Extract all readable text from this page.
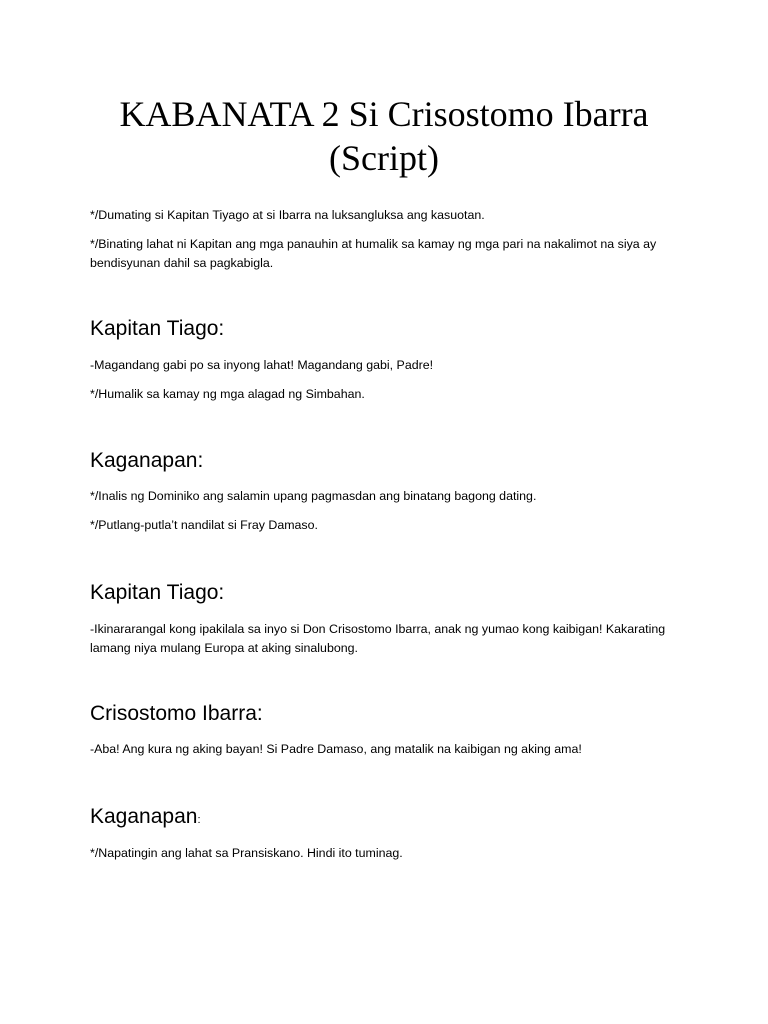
KABANATA 2 Si Crisostomo Ibarra
(Script)

*/Dumating si Kapitan Tiyago at si Ibarra na luksangluksa ang kasuotan.

*/Binating lahat ni Kapitan ang mga panauhin at humalik sa kamay ng mga pari na nakalimot na siya ay
bendisyunan dahil sa pagkabigla.

Kapitan Tiago:

-Magandang gabi po sa inyong lahat! Magandang gabi, Padre!

*/Humalik sa kamay ng mga alagad ng Simbahan.

Kaganapan:

*/Inalis ng Dominiko ang salamin upang pagmasdan ang binatang bagong dating.

*/Putlang-putla’t nandilat si Fray Damaso.

Kapitan Tiago:

-Ikinararangal kong ipakilala sa inyo si Don Crisostomo Ibarra, anak ng yumao kong kaibigan! Kakarating
lamang niya mulang Europa at aking sinalubong.

Crisostomo Ibarra:

-Aba! Ang kura ng aking bayan! Si Padre Damaso, ang matalik na kaibigan ng aking ama!

Kaganapan:

*/Napatingin ang lahat sa Pransiskano. Hindi ito tuminag.
